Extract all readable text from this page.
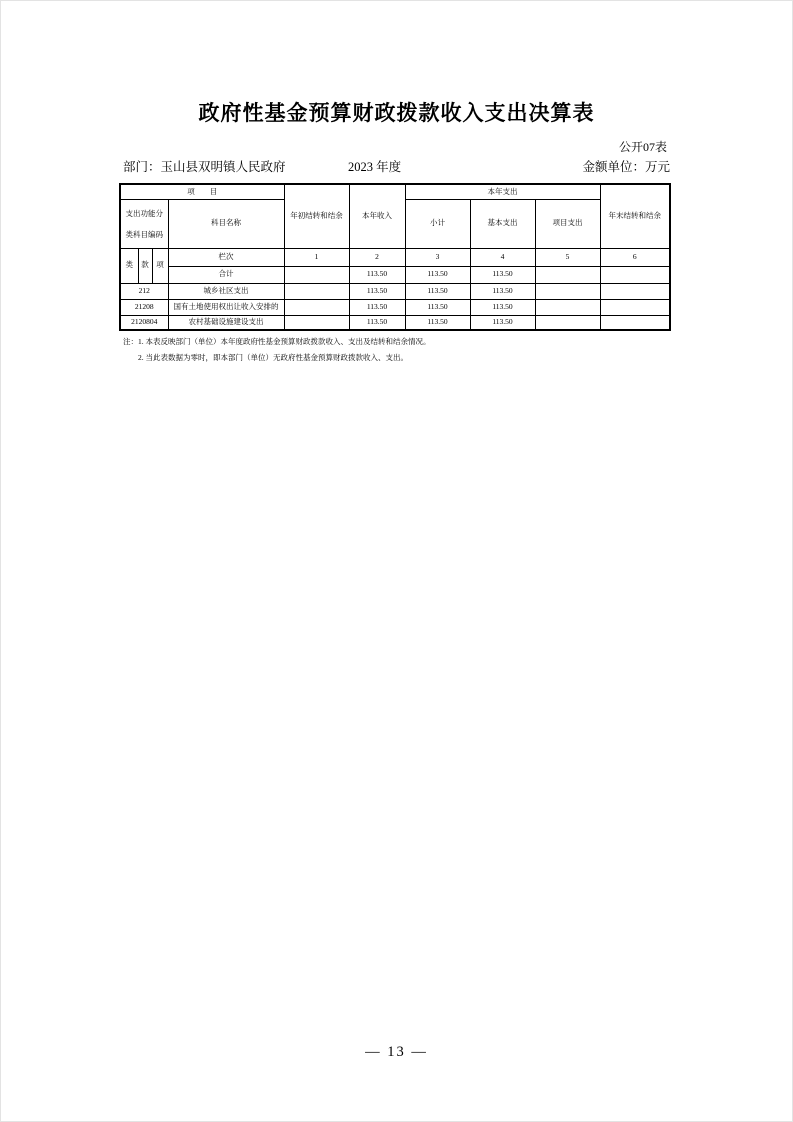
政府性基金预算财政拨款收入支出决算表
公开07表
部门：玉山县双明镇人民政府	2023 年度	金额单位：万元
项　　目				年初结转和结余	本年收入	本年支出			年末结转和结余

支出功能分
类科目编码			科目名称			小计	基本支出	项目支出	
类	款	项	栏次	1	2	3	4	5	6
			合计		113.50	113.50	113.50		
212			城乡社区支出		113.50	113.50	113.50		
21208			国有土地使用权出让收入安排的		113.50	113.50	113.50		
2120804			农村基础设施建设支出		113.50	113.50	113.50		
注：1. 本表反映部门（单位）本年度政府性基金预算财政拨款收入、支出及结转和结余情况。
2. 当此表数据为零时，即本部门（单位）无政府性基金预算财政拨款收入、支出。
— 13 —
